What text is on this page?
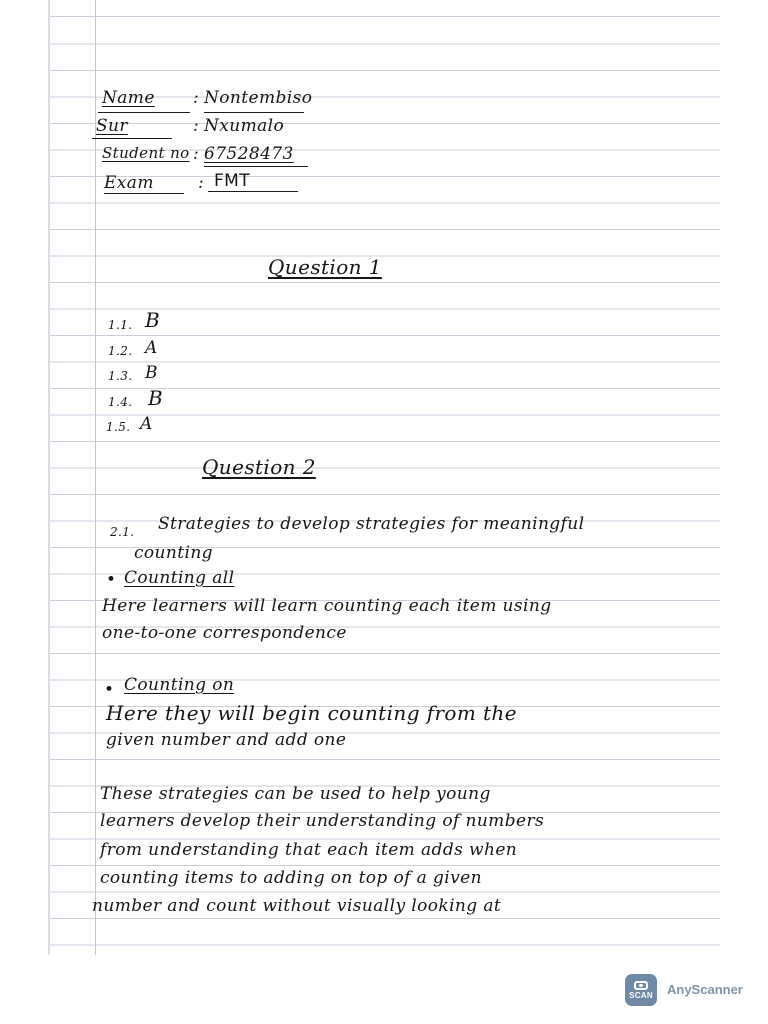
Name	: Nontembiso
Sur	: Nxumalo
Student no : 67528473
Exam	: FMT
Question 1
1.1. B
1.2. A
1.3. B
1.4. B
1.5. A
Question 2
2.1. Strategies to develop strategies for meaningful
counting
• Counting all
Here learners will learn counting each item using
one-to-one correspondence
• Counting on
Here they will begin counting from the
given number and add one
These strategies can be used to help young
learners develop their understanding of numbers
from understanding that each item adds when
counting items to adding on top of a given
number and count without visually looking at
SCAN AnyScanner
